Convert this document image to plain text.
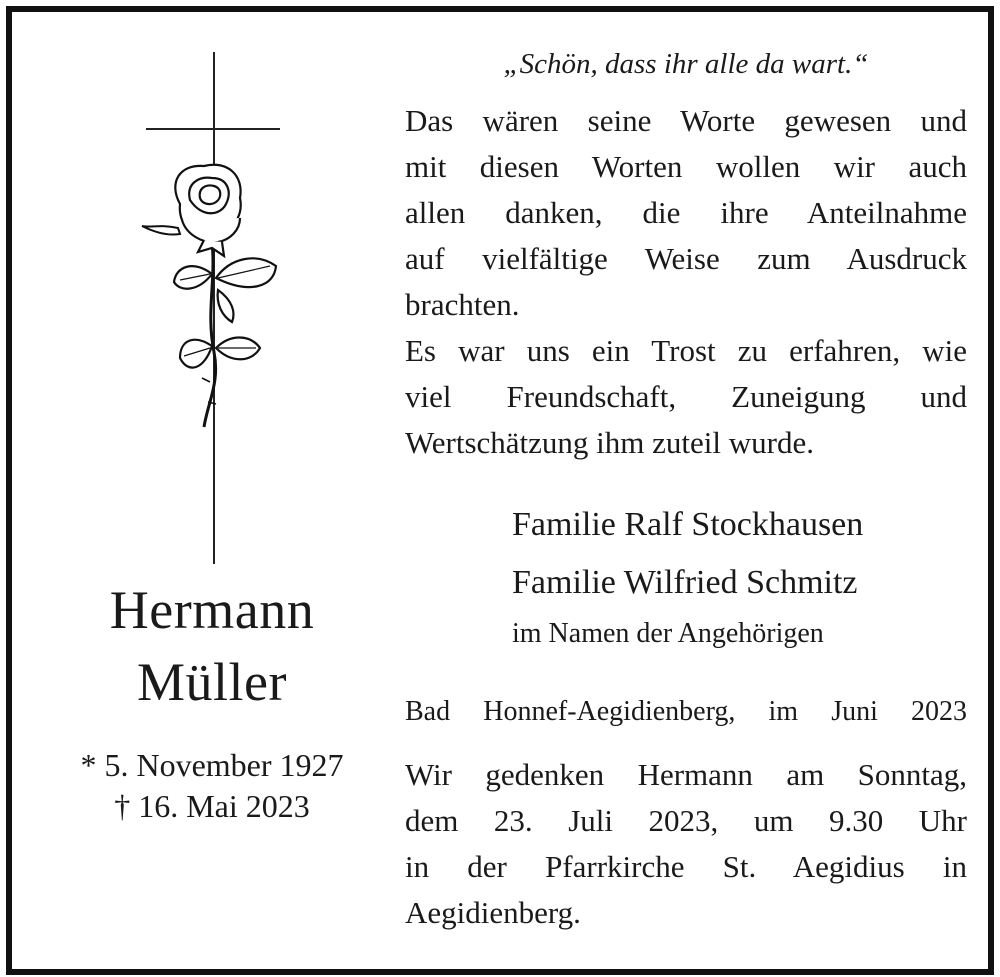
Hermann
Müller
* 5. November 1927
† 16. Mai 2023
„Schön, dass ihr alle da wart.“
Das wären seine Worte gewesen und
mit diesen Worten wollen wir auch
allen danken, die ihre Anteilnahme
auf vielfältige Weise zum Ausdruck
brachten.
Es war uns ein Trost zu erfahren, wie
viel Freundschaft, Zuneigung und
Wertschätzung ihm zuteil wurde.
Familie Ralf Stockhausen
Familie Wilfried Schmitz
im Namen der Angehörigen
Bad Honnef-Aegidienberg, im Juni 2023
Wir gedenken Hermann am Sonntag,
dem 23. Juli 2023, um 9.30 Uhr
in der Pfarrkirche St. Aegidius in
Aegidienberg.
